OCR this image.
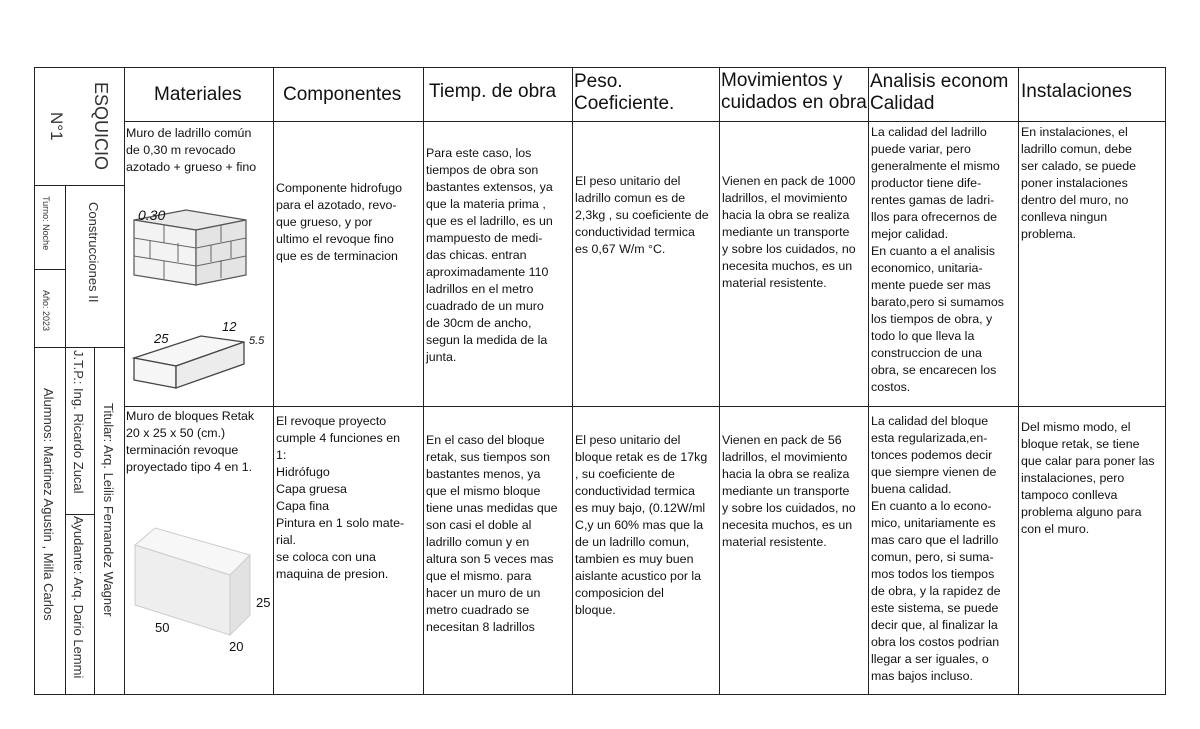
N°1 ESQUICIO
Turno: Noche
Año: 2023
Construcciones II
Titular: Arq. Leilis Fernandez Wagner
J.T.P.: Ing. Ricardo Zucal
Ayudante: Arq. Dario Lemmi
Alumnos: Martinez Agustin , Milla Carlos
Materiales Componentes Tiemp. de obra Peso.
Coeficiente.
Movimientos y
cuidados en obra
Analisis econom
Calidad
Instalaciones
Muro de ladrillo común
de 0,30 m revocado
azotado + grueso + fino
0.30
25
12
5.5
Componente hidrofugo
para el azotado, revo-
que grueso, y por
ultimo el revoque fino
que es de terminacion
Para este caso, los
tiempos de obra son
bastantes extensos, ya
que la materia prima ,
que es el ladrillo, es un
mampuesto de medi-
das chicas. entran
aproximadamente 110
ladrillos en el metro
cuadrado de un muro
de 30cm de ancho,
segun la medida de la
junta.
El peso unitario del
ladrillo comun es de
2,3kg , su coeficiente de
conductividad termica
es 0,67 W/m °C.
Vienen en pack de 1000
ladrillos, el movimiento
hacia la obra se realiza
mediante un transporte
y sobre los cuidados, no
necesita muchos, es un
material resistente.
La calidad del ladrillo
puede variar, pero
generalmente el mismo
productor tiene dife-
rentes gamas de ladri-
llos para ofrecernos de
mejor calidad.
En cuanto a el analisis
economico, unitaria-
mente puede ser mas
barato,pero si sumamos
los tiempos de obra, y
todo lo que lleva la
construccion de una
obra, se encarecen los
costos.
En instalaciones, el
ladrillo comun, debe
ser calado, se puede
poner instalaciones
dentro del muro, no
conlleva ningun
problema.
Muro de bloques Retak
20 x 25 x 50 (cm.)
terminación revoque
proyectado tipo 4 en 1.
25
50
20
El revoque proyecto
cumple 4 funciones en
1:
Hidrófugo
Capa gruesa
Capa fina
Pintura en 1 solo mate-
rial.
se coloca con una
maquina de presion.
En el caso del bloque
retak, sus tiempos son
bastantes menos, ya
que el mismo bloque
tiene unas medidas que
son casi el doble al
ladrillo comun y en
altura son 5 veces mas
que el mismo. para
hacer un muro de un
metro cuadrado se
necesitan 8 ladrillos
El peso unitario del
bloque retak es de 17kg
, su coeficiente de
conductividad termica
es muy bajo, (0.12W/ml
C,y un 60% mas que la
de un ladrillo comun,
tambien es muy buen
aislante acustico por la
composicion del
bloque.
Vienen en pack de 56
ladrillos, el movimiento
hacia la obra se realiza
mediante un transporte
y sobre los cuidados, no
necesita muchos, es un
material resistente.
La calidad del bloque
esta regularizada,en-
tonces podemos decir
que siempre vienen de
buena calidad.
En cuanto a lo econo-
mico, unitariamente es
mas caro que el ladrillo
comun, pero, si suma-
mos todos los tiempos
de obra, y la rapidez de
este sistema, se puede
decir que, al finalizar la
obra los costos podrian
llegar a ser iguales, o
mas bajos incluso.
Del mismo modo, el
bloque retak, se tiene
que calar para poner las
instalaciones, pero
tampoco conlleva
problema alguno para
con el muro.
